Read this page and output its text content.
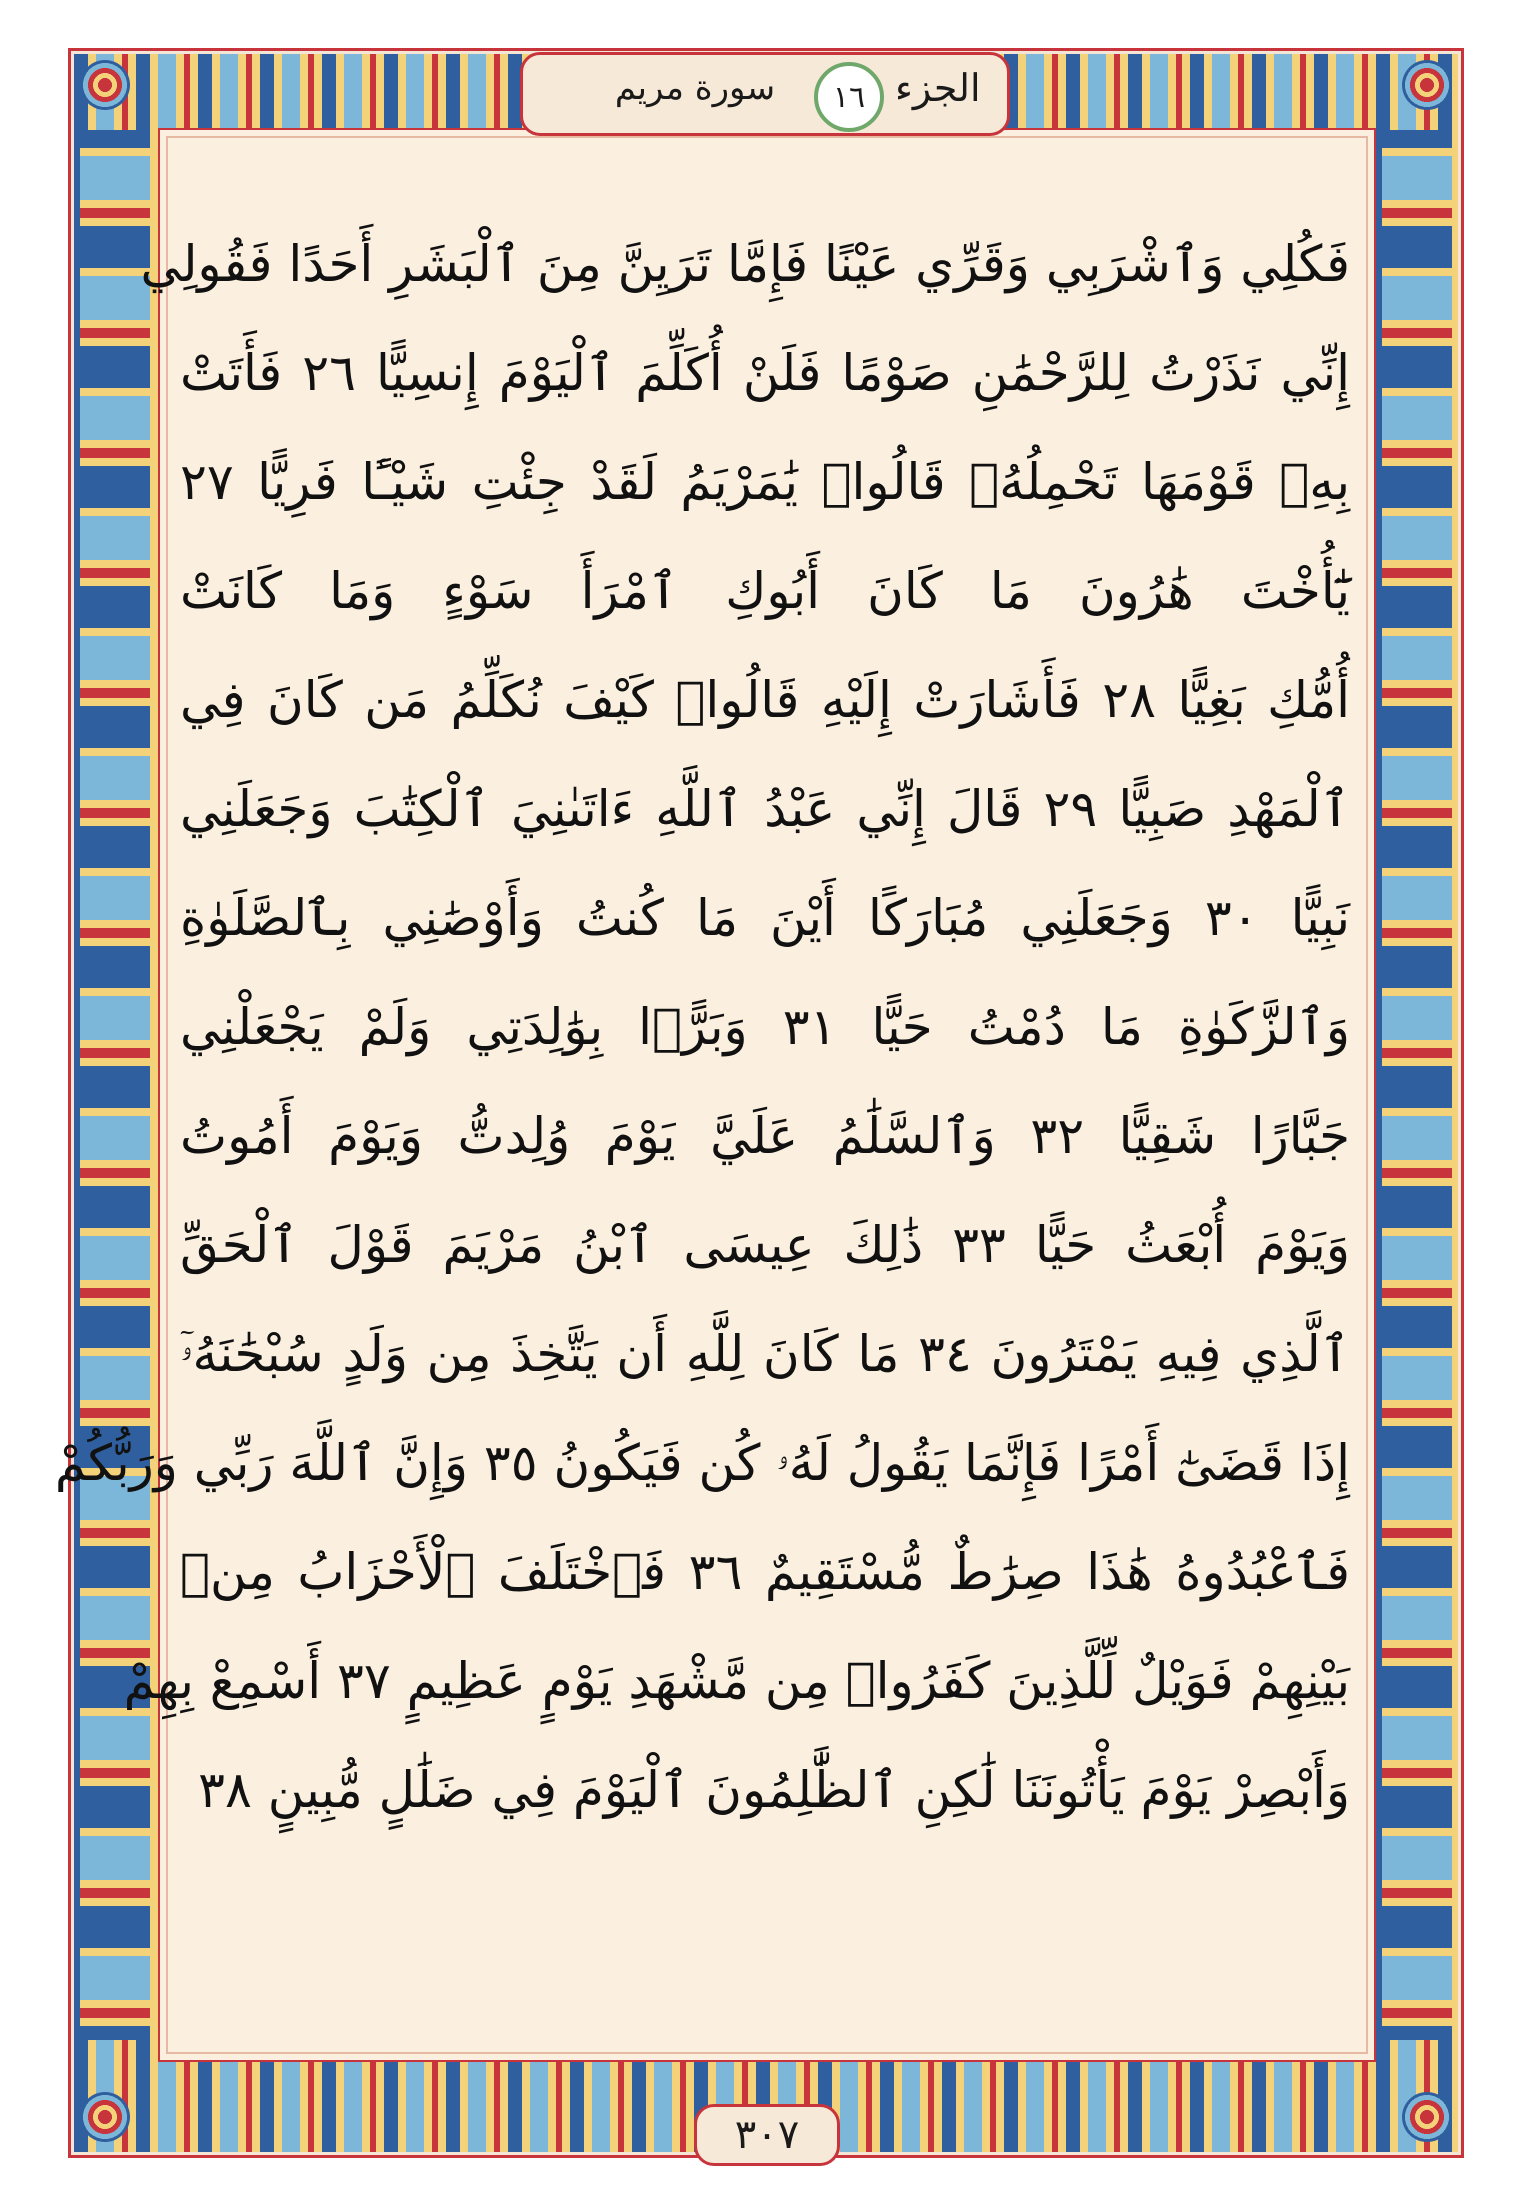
الجزء
١٦
سورة مريم
فَكُلِي وَٱشْرَبِي وَقَرِّي عَيْنًا فَإِمَّا تَرَيِنَّ مِنَ ٱلْبَشَرِ أَحَدًا فَقُولِي
إِنِّي نَذَرْتُ لِلرَّحْمَٰنِ صَوْمًا فَلَنْ أُكَلِّمَ ٱلْيَوْمَ إِنسِيًّا ٢٦ فَأَتَتْ
بِهِۦ قَوْمَهَا تَحْمِلُهُۥ قَالُوا۟ يَٰمَرْيَمُ لَقَدْ جِئْتِ شَيْـًٔا فَرِيًّا ٢٧
يَٰٓأُخْتَ هَٰرُونَ مَا كَانَ أَبُوكِ ٱمْرَأَ سَوْءٍ وَمَا كَانَتْ
أُمُّكِ بَغِيًّا ٢٨ فَأَشَارَتْ إِلَيْهِ قَالُوا۟ كَيْفَ نُكَلِّمُ مَن كَانَ فِي
ٱلْمَهْدِ صَبِيًّا ٢٩ قَالَ إِنِّي عَبْدُ ٱللَّهِ ءَاتَىٰنِيَ ٱلْكِتَٰبَ وَجَعَلَنِي
نَبِيًّا ٣٠ وَجَعَلَنِي مُبَارَكًا أَيْنَ مَا كُنتُ وَأَوْصَٰنِي بِٱلصَّلَوٰةِ
وَٱلزَّكَوٰةِ مَا دُمْتُ حَيًّا ٣١ وَبَرًّۢا بِوَٰلِدَتِي وَلَمْ يَجْعَلْنِي
جَبَّارًا شَقِيًّا ٣٢ وَٱلسَّلَٰمُ عَلَيَّ يَوْمَ وُلِدتُّ وَيَوْمَ أَمُوتُ
وَيَوْمَ أُبْعَثُ حَيًّا ٣٣ ذَٰلِكَ عِيسَى ٱبْنُ مَرْيَمَ قَوْلَ ٱلْحَقِّ
ٱلَّذِي فِيهِ يَمْتَرُونَ ٣٤ مَا كَانَ لِلَّهِ أَن يَتَّخِذَ مِن وَلَدٍ سُبْحَٰنَهُۥٓ
إِذَا قَضَىٰٓ أَمْرًا فَإِنَّمَا يَقُولُ لَهُۥ كُن فَيَكُونُ ٣٥ وَإِنَّ ٱللَّهَ رَبِّي وَرَبُّكُمْ
فَٱعْبُدُوهُ هَٰذَا صِرَٰطٌ مُّسْتَقِيمٌ ٣٦ فَٱخْتَلَفَ ٱلْأَحْزَابُ مِنۢ
بَيْنِهِمْ فَوَيْلٌ لِّلَّذِينَ كَفَرُوا۟ مِن مَّشْهَدِ يَوْمٍ عَظِيمٍ ٣٧ أَسْمِعْ بِهِمْ
وَأَبْصِرْ يَوْمَ يَأْتُونَنَا لَٰكِنِ ٱلظَّٰلِمُونَ ٱلْيَوْمَ فِي ضَلَٰلٍ مُّبِينٍ ٣٨
٣٠٧
